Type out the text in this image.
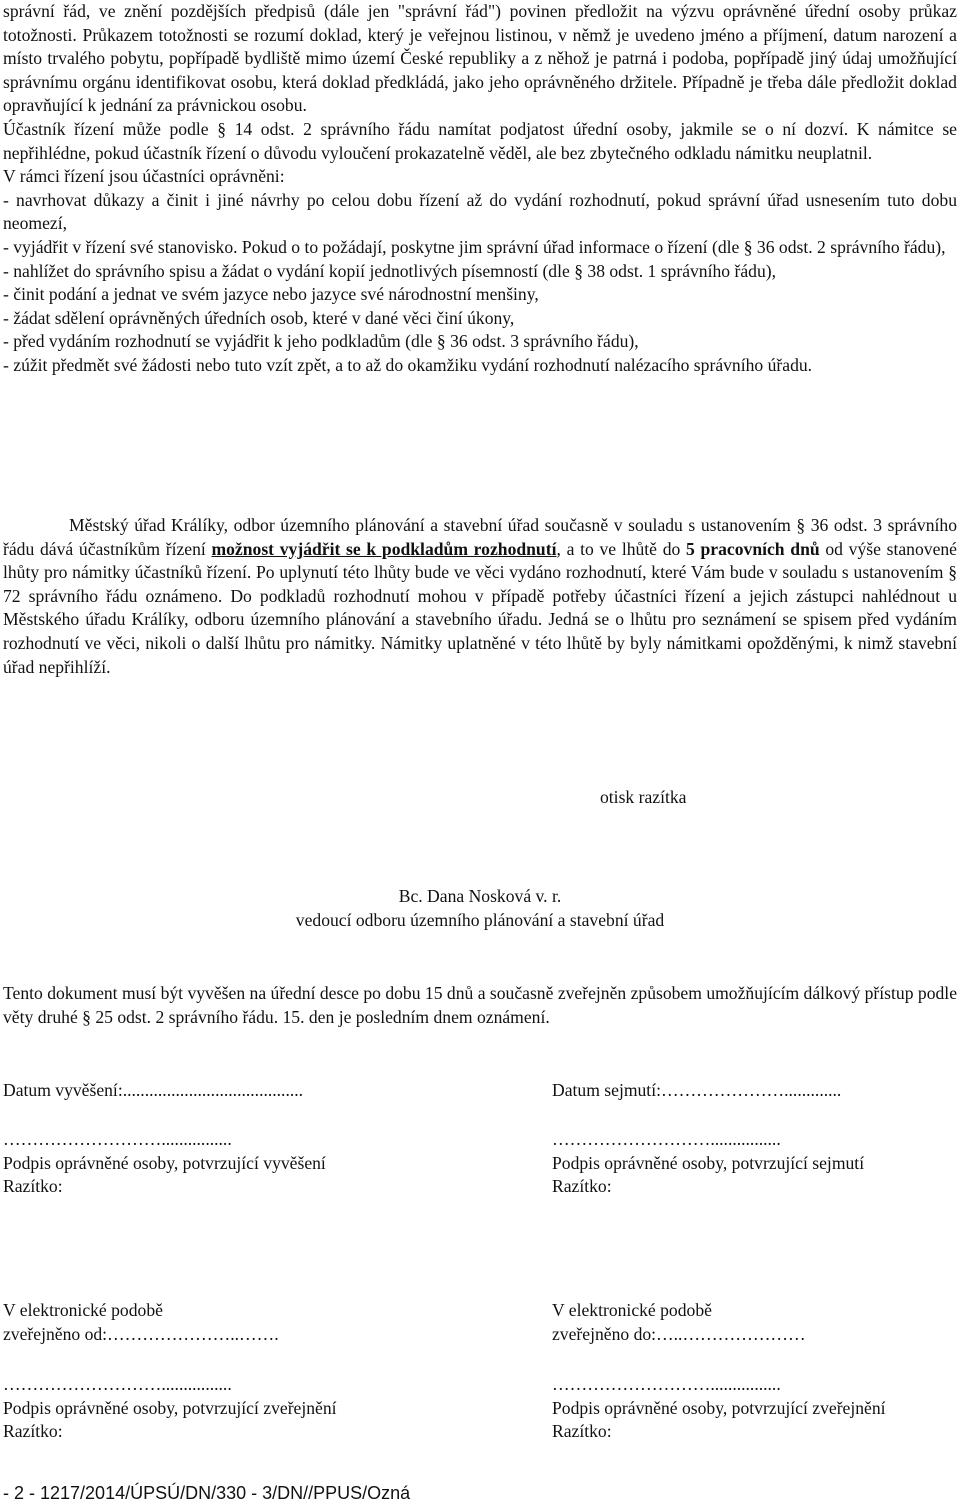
správní řád, ve znění pozdějších předpisů (dále jen "správní řád") povinen předložit na výzvu oprávněné úřední osoby průkaz totožnosti. Průkazem totožnosti se rozumí doklad, který je veřejnou listinou, v němž je uvedeno jméno a příjmení, datum narození a místo trvalého pobytu, popřípadě bydliště mimo území České republiky a z něhož je patrná i podoba, popřípadě jiný údaj umožňující správnímu orgánu identifikovat osobu, která doklad předkládá, jako jeho oprávněného držitele. Případně je třeba dále předložit doklad opravňující k jednání za právnickou osobu.

Účastník řízení může podle § 14 odst. 2 správního řádu namítat podjatost úřední osoby, jakmile se o ní dozví. K námitce se nepřihlédne, pokud účastník řízení o důvodu vyloučení prokazatelně věděl, ale bez zbytečného odkladu námitku neuplatnil.

V rámci řízení jsou účastníci oprávněni:

- navrhovat důkazy a činit i jiné návrhy po celou dobu řízení až do vydání rozhodnutí, pokud správní úřad usnesením tuto dobu neomezí,

- vyjádřit v řízení své stanovisko. Pokud o to požádají, poskytne jim správní úřad informace o řízení (dle § 36 odst. 2 správního řádu),

- nahlížet do správního spisu a žádat o vydání kopií jednotlivých písemností (dle § 38 odst. 1 správního řádu),

- činit podání a jednat ve svém jazyce nebo jazyce své národnostní menšiny,

- žádat sdělení oprávněných úředních osob, které v dané věci činí úkony,

- před vydáním rozhodnutí se vyjádřit k jeho podkladům (dle § 36 odst. 3 správního řádu),

- zúžit předmět své žádosti nebo tuto vzít zpět, a to až do okamžiku vydání rozhodnutí nalézacího správního úřadu.

Městský úřad Králíky, odbor územního plánování a stavební úřad současně v souladu s ustanovením § 36 odst. 3 správního řádu dává účastníkům řízení možnost vyjádřit se k podkladům rozhodnutí, a to ve lhůtě do 5 pracovních dnů od výše stanovené lhůty pro námitky účastníků řízení. Po uplynutí této lhůty bude ve věci vydáno rozhodnutí, které Vám bude v souladu s ustanovením § 72 správního řádu oznámeno. Do podkladů rozhodnutí mohou v případě potřeby účastníci řízení a jejich zástupci nahlédnout u Městského úřadu Králíky, odboru územního plánování a stavebního úřadu. Jedná se o lhůtu pro seznámení se spisem před vydáním rozhodnutí ve věci, nikoli o další lhůtu pro námitky. Námitky uplatněné v této lhůtě by byly námitkami opožděnými, k nimž stavební úřad nepřihlíží.

otisk razítka
Bc. Dana Nosková v. r.
vedoucí odboru územního plánování a stavební úřad

Tento dokument musí být vyvěšen na úřední desce po dobu 15 dnů a současně zveřejněn způsobem umožňujícím dálkový přístup podle věty druhé § 25 odst. 2 správního řádu. 15. den je posledním dnem oznámení.

Datum vyvěšení:.........................................
………………………................
Podpis oprávněné osoby, potvrzující vyvěšení
Razítko:
V elektronické podobě
zveřejněno od:…………………..…….
………………………................
Podpis oprávněné osoby, potvrzující zveřejnění
Razítko:
Datum sejmutí:………………….............
………………………................
Podpis oprávněné osoby, potvrzující sejmutí
Razítko:
V elektronické podobě
zveřejněno do:…..…………………
………………………................
Podpis oprávněné osoby, potvrzující zveřejnění
Razítko:
- 2 - 1217/2014/ÚPSÚ/DN/330 - 3/DN//PPUS/Ozná
